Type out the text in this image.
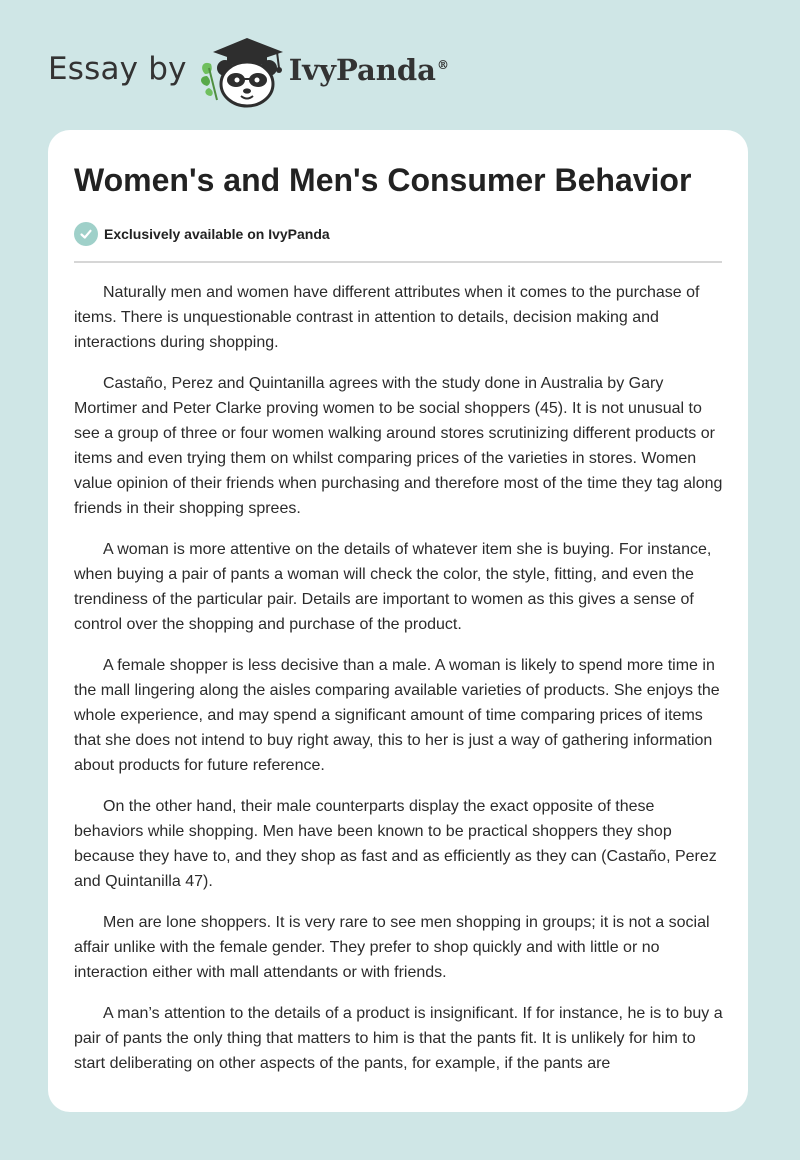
Essay by	IvyPanda®
Women's and Men's Consumer Behavior
Exclusively available on IvyPanda

Naturally men and women have different attributes when it comes to the purchase of items. There is unquestionable contrast in attention to details, decision making and interactions during shopping.

Castaño, Perez and Quintanilla agrees with the study done in Australia by Gary Mortimer and Peter Clarke proving women to be social shoppers (45). It is not unusual to see a group of three or four women walking around stores scrutinizing different products or items and even trying them on whilst comparing prices of the varieties in stores. Women value opinion of their friends when purchasing and therefore most of the time they tag along friends in their shopping sprees.

A woman is more attentive on the details of whatever item she is buying. For instance, when buying a pair of pants a woman will check the color, the style, fitting, and even the trendiness of the particular pair. Details are important to women as this gives a sense of control over the shopping and purchase of the product.

A female shopper is less decisive than a male. A woman is likely to spend more time in the mall lingering along the aisles comparing available varieties of products. She enjoys the whole experience, and may spend a significant amount of time comparing prices of items that she does not intend to buy right away, this to her is just a way of gathering information about products for future reference.

On the other hand, their male counterparts display the exact opposite of these behaviors while shopping. Men have been known to be practical shoppers they shop because they have to, and they shop as fast and as efficiently as they can (Castaño, Perez and Quintanilla 47).

Men are lone shoppers. It is very rare to see men shopping in groups; it is not a social affair unlike with the female gender. They prefer to shop quickly and with little or no interaction either with mall attendants or with friends.

A man’s attention to the details of a product is insignificant. If for instance, he is to buy a pair of pants the only thing that matters to him is that the pants fit. It is unlikely for him to start deliberating on other aspects of the pants, for example, if the pants are
